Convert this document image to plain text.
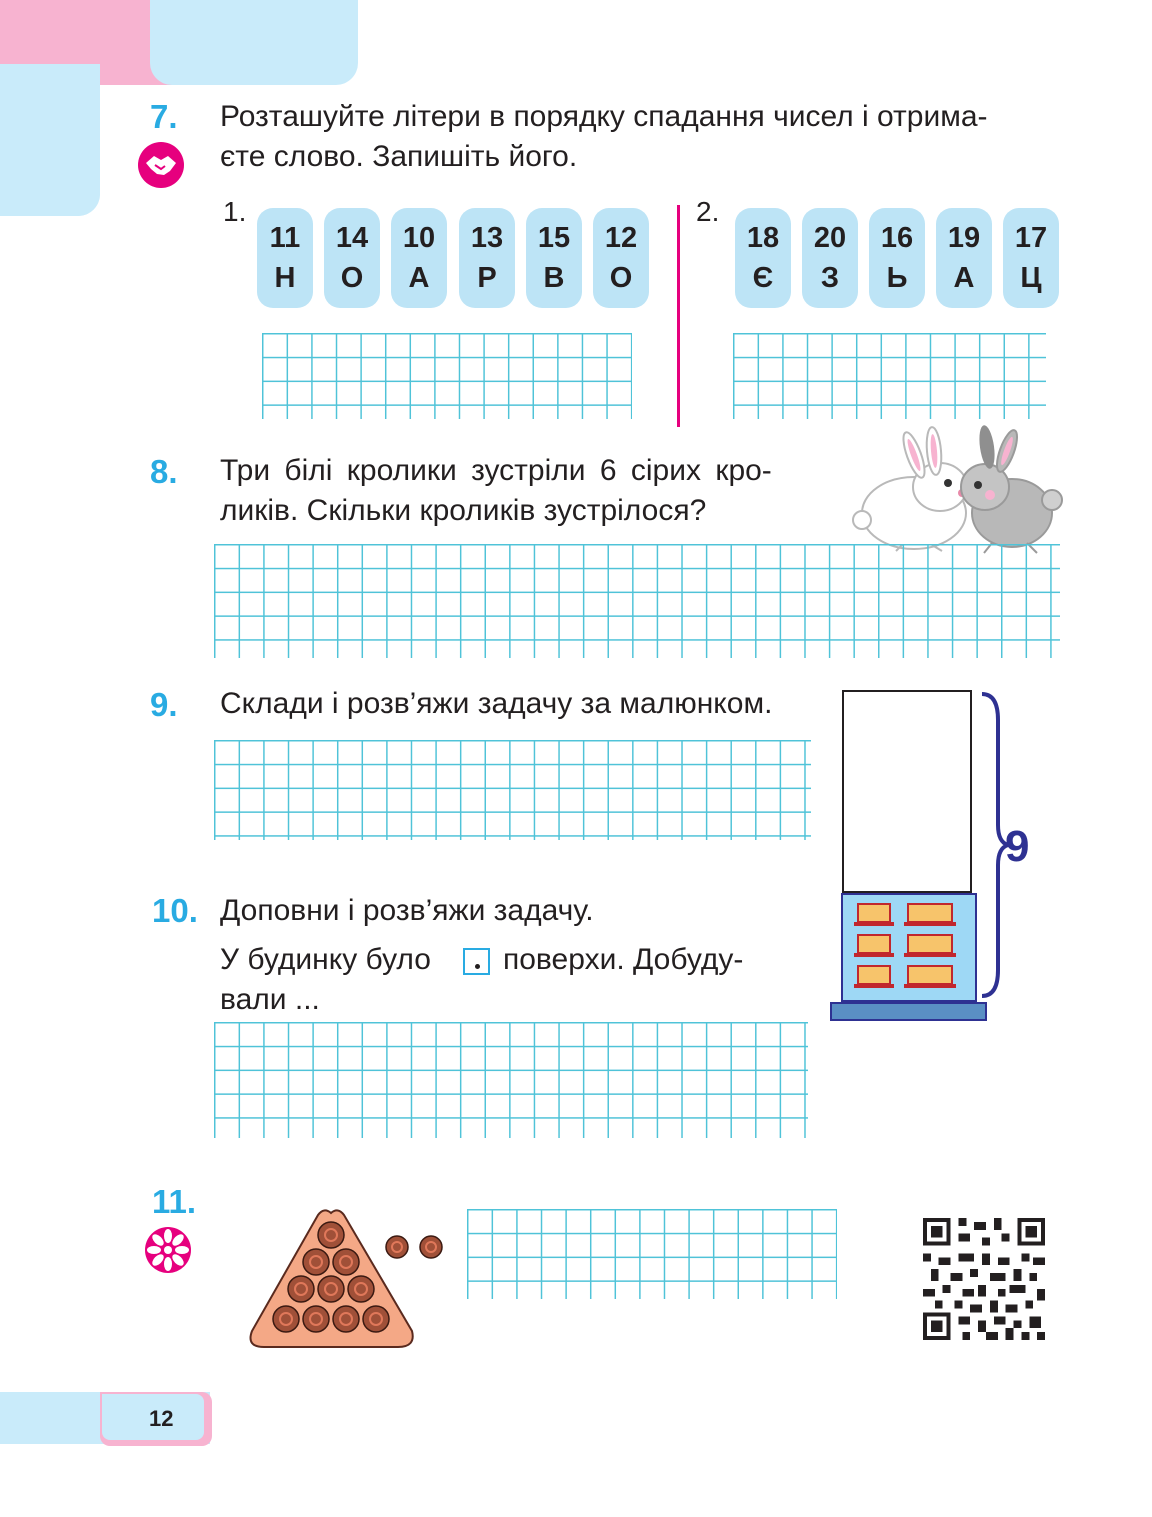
7. Розташуйте літери в порядку спадання чисел і отрима-
єте слово. Запишіть його.
1.	2.
11
Н
14
О
10
А
13
Р
15
В
12
О
18
Є
20
З
16
Ь
19
А
17
Ц
8. Три білі кролики зустріли 6 сірих кро-
ликів. Скільки кроликів зустрілося?
9. Склади і розв’яжи задачу за малюнком.
9
10. Доповни і розв’яжи задачу.
У будинку було поверхи. Добуду-
вали ...
11.
12
